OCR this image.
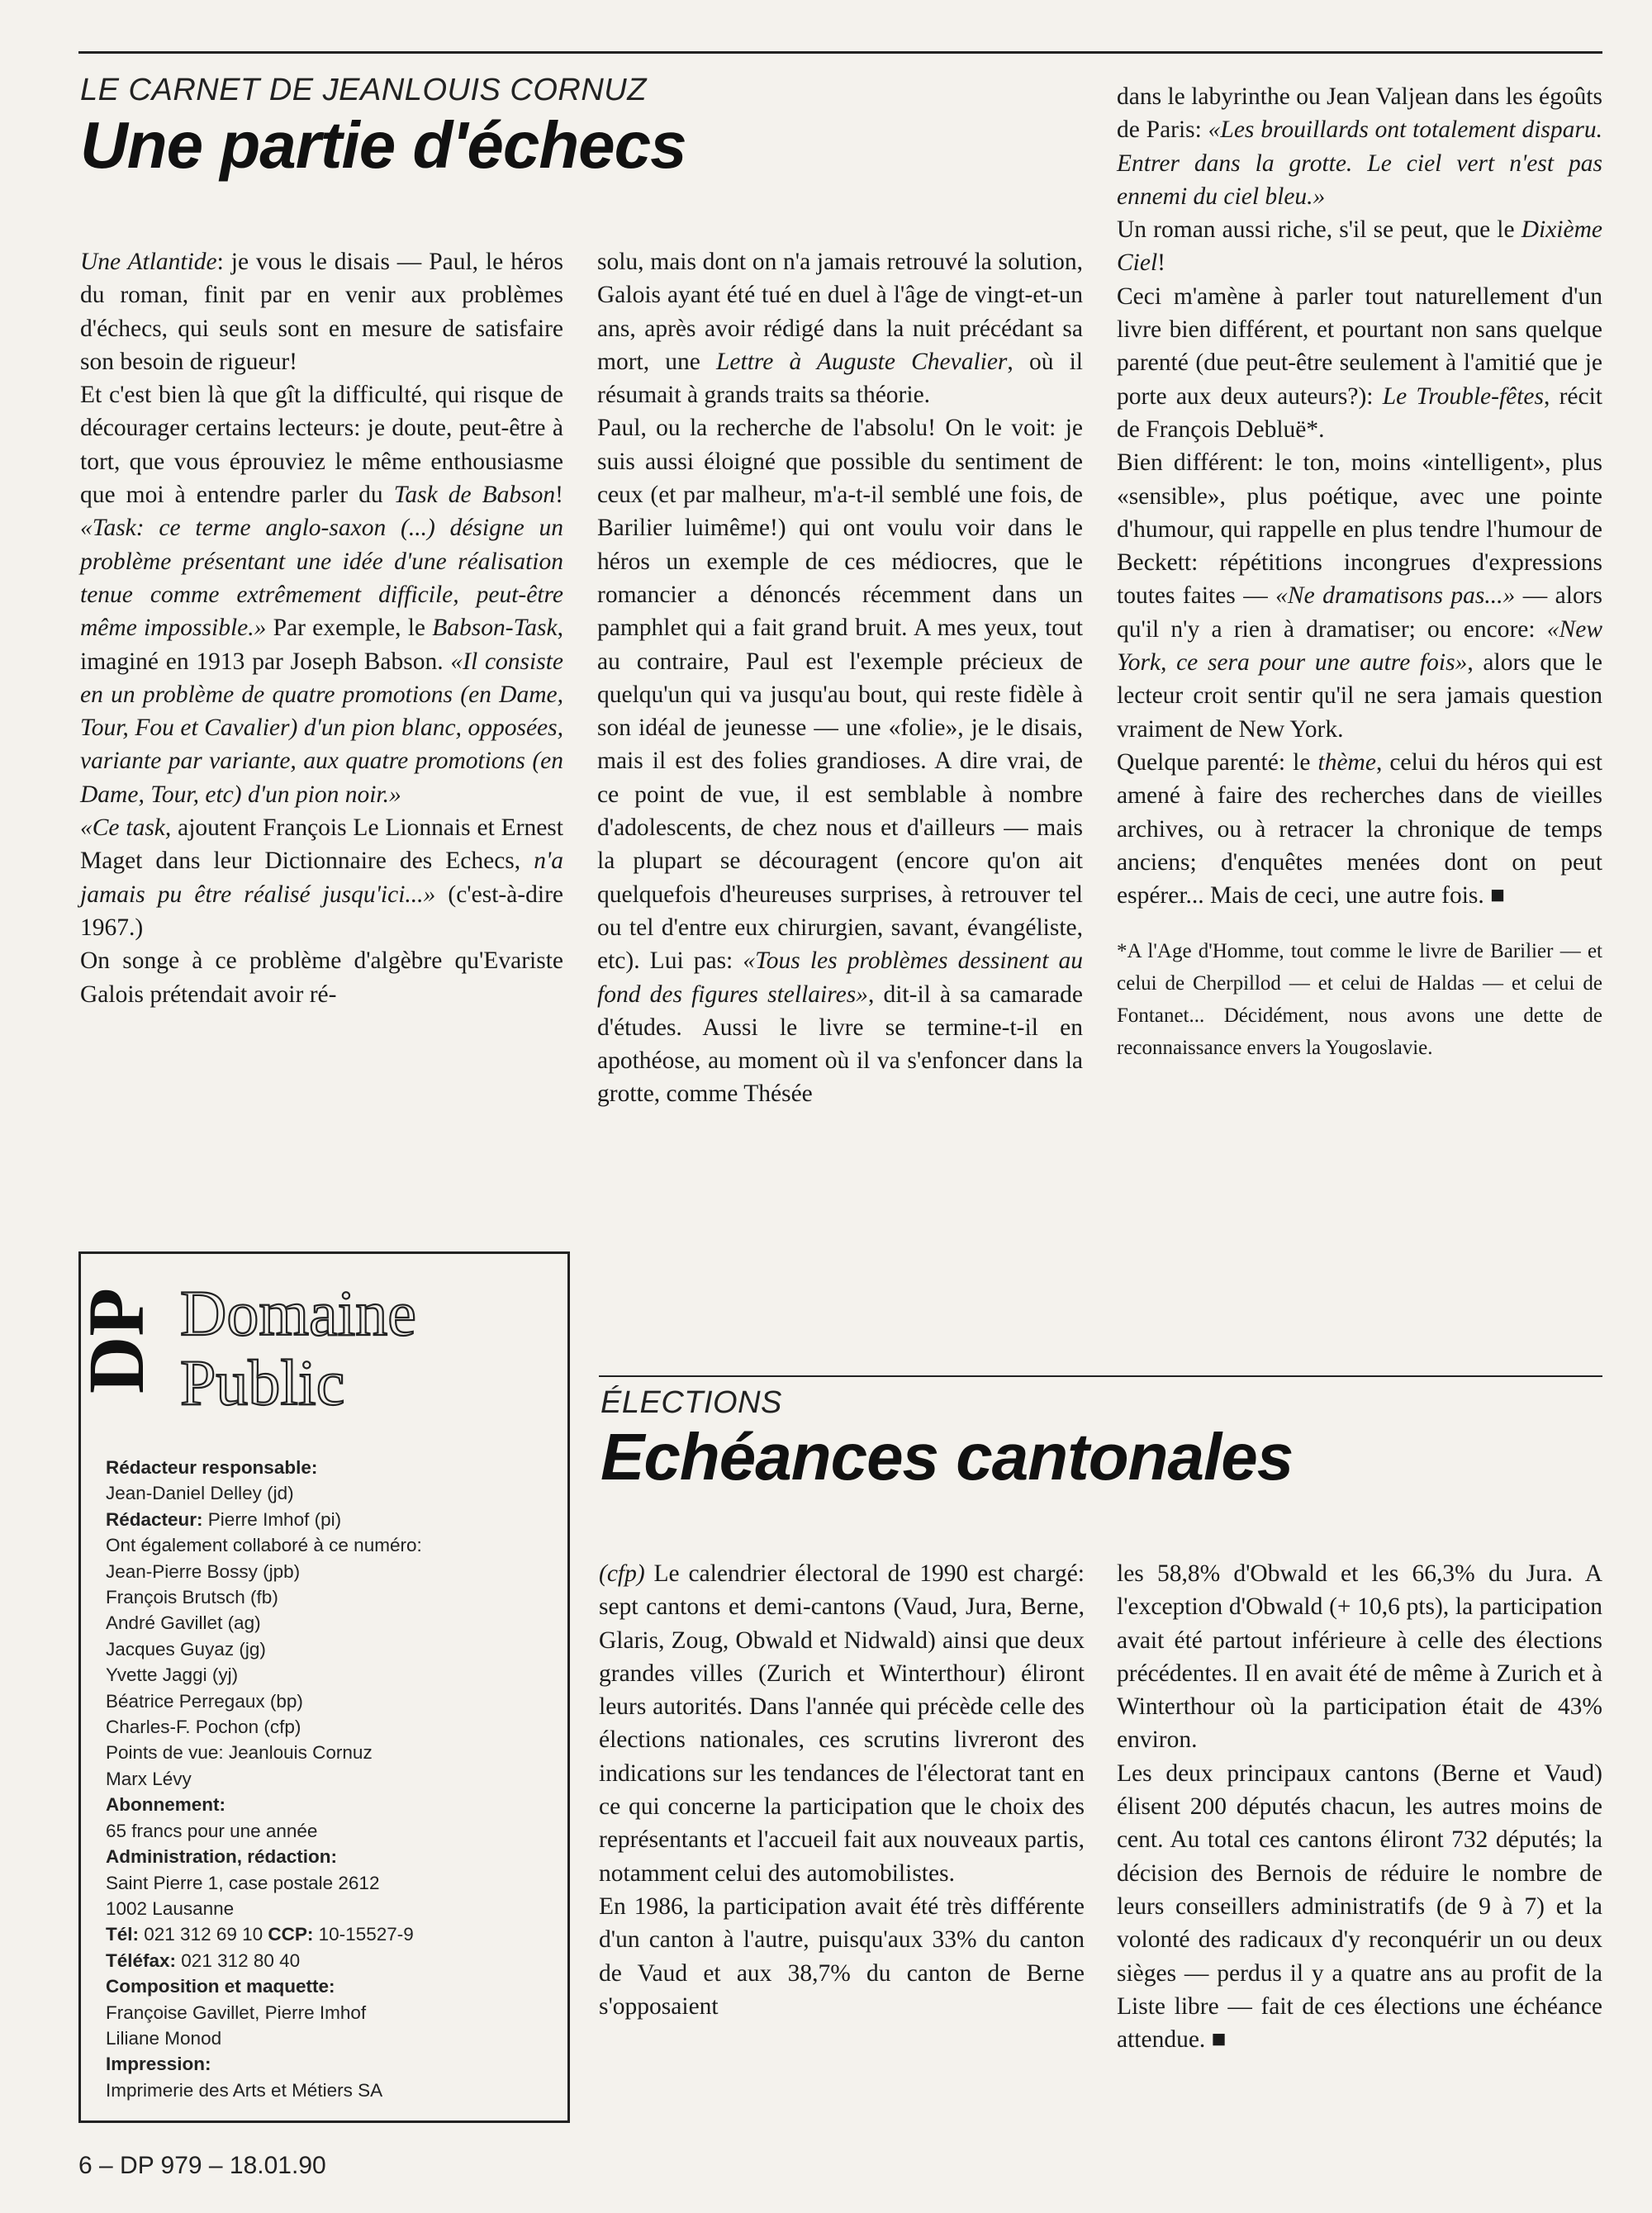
LE CARNET DE JEANLOUIS CORNUZ
Une partie d'échecs

Une Atlantide: je vous le disais — Paul, le héros du roman, finit par en venir aux problèmes d'échecs, qui seuls sont en mesure de satisfaire son besoin de rigueur!

Et c'est bien là que gît la difficulté, qui risque de décourager certains lecteurs: je doute, peut-être à tort, que vous éprouviez le même enthousiasme que moi à entendre parler du Task de Babson! «Task: ce terme anglo-saxon (...) désigne un problème présentant une idée d'une réalisation tenue comme extrêmement difficile, peut-être même impossible.» Par exemple, le Babson-Task, imaginé en 1913 par Joseph Babson. «Il consiste en un problème de quatre promotions (en Dame, Tour, Fou et Cavalier) d'un pion blanc, opposées, variante par variante, aux quatre promotions (en Dame, Tour, etc) d'un pion noir.»

«Ce task, ajoutent François Le Lionnais et Ernest Maget dans leur Dictionnaire des Echecs, n'a jamais pu être réalisé jusqu'ici...» (c'est-à-dire 1967.)

On songe à ce problème d'algèbre qu'Evariste Galois prétendait avoir ré-

solu, mais dont on n'a jamais retrouvé la solution, Galois ayant été tué en duel à l'âge de vingt-et-un ans, après avoir rédigé dans la nuit précédant sa mort, une Lettre à Auguste Chevalier, où il résumait à grands traits sa théorie.

Paul, ou la recherche de l'absolu! On le voit: je suis aussi éloigné que possible du sentiment de ceux (et par malheur, m'a-t-il semblé une fois, de Barilier luimême!) qui ont voulu voir dans le héros un exemple de ces médiocres, que le romancier a dénoncés récemment dans un pamphlet qui a fait grand bruit. A mes yeux, tout au contraire, Paul est l'exemple précieux de quelqu'un qui va jusqu'au bout, qui reste fidèle à son idéal de jeunesse — une «folie», je le disais, mais il est des folies grandioses. A dire vrai, de ce point de vue, il est semblable à nombre d'adolescents, de chez nous et d'ailleurs — mais la plupart se découragent (encore qu'on ait quelquefois d'heureuses surprises, à retrouver tel ou tel d'entre eux chirurgien, savant, évangéliste, etc). Lui pas: «Tous les problèmes dessinent au fond des figures stellaires», dit-il à sa camarade d'études. Aussi le livre se termine-t-il en apothéose, au moment où il va s'enfoncer dans la grotte, comme Thésée

dans le labyrinthe ou Jean Valjean dans les égoûts de Paris: «Les brouillards ont totalement disparu. Entrer dans la grotte. Le ciel vert n'est pas ennemi du ciel bleu.»

Un roman aussi riche, s'il se peut, que le Dixième Ciel!

Ceci m'amène à parler tout naturellement d'un livre bien différent, et pourtant non sans quelque parenté (due peut-être seulement à l'amitié que je porte aux deux auteurs?): Le Trouble-fêtes, récit de François Debluë*.

Bien différent: le ton, moins «intelligent», plus «sensible», plus poétique, avec une pointe d'humour, qui rappelle en plus tendre l'humour de Beckett: répétitions incongrues d'expressions toutes faites — «Ne dramatisons pas...» — alors qu'il n'y a rien à dramatiser; ou encore: «New York, ce sera pour une autre fois», alors que le lecteur croit sentir qu'il ne sera jamais question vraiment de New York.

Quelque parenté: le thème, celui du héros qui est amené à faire des recherches dans de vieilles archives, ou à retracer la chronique de temps anciens; d'enquêtes menées dont on peut espérer... Mais de ceci, une autre fois. ■

*A l'Age d'Homme, tout comme le livre de Barilier — et celui de Cherpillod — et celui de Haldas — et celui de Fontanet... Décidément, nous avons une dette de reconnaissance envers la Yougoslavie.

DP Domaine
Public
Rédacteur responsable:
Jean-Daniel Delley (jd)
Rédacteur: Pierre Imhof (pi)
Ont également collaboré à ce numéro:
Jean-Pierre Bossy (jpb)
François Brutsch (fb)
André Gavillet (ag)
Jacques Guyaz (jg)
Yvette Jaggi (yj)
Béatrice Perregaux (bp)
Charles-F. Pochon (cfp)
Points de vue: Jeanlouis Cornuz
Marx Lévy
Abonnement:
65 francs pour une année
Administration, rédaction:
Saint Pierre 1, case postale 2612
1002 Lausanne
Tél: 021 312 69 10 CCP: 10-15527-9
Téléfax: 021 312 80 40
Composition et maquette:
Françoise Gavillet, Pierre Imhof
Liliane Monod
Impression:
Imprimerie des Arts et Métiers SA
ÉLECTIONS
Echéances cantonales

(cfp) Le calendrier électoral de 1990 est chargé: sept cantons et demi-cantons (Vaud, Jura, Berne, Glaris, Zoug, Obwald et Nidwald) ainsi que deux grandes villes (Zurich et Winterthour) éliront leurs autorités. Dans l'année qui précède celle des élections nationales, ces scrutins livreront des indications sur les tendances de l'électorat tant en ce qui concerne la participation que le choix des représentants et l'accueil fait aux nouveaux partis, notamment celui des automobilistes.

En 1986, la participation avait été très différente d'un canton à l'autre, puisqu'aux 33% du canton de Vaud et aux 38,7% du canton de Berne s'opposaient

les 58,8% d'Obwald et les 66,3% du Jura. A l'exception d'Obwald (+ 10,6 pts), la participation avait été partout inférieure à celle des élections précédentes. Il en avait été de même à Zurich et à Winterthour où la participation était de 43% environ.

Les deux principaux cantons (Berne et Vaud) élisent 200 députés chacun, les autres moins de cent. Au total ces cantons éliront 732 députés; la décision des Bernois de réduire le nombre de leurs conseillers administratifs (de 9 à 7) et la volonté des radicaux d'y reconquérir un ou deux sièges — perdus il y a quatre ans au profit de la Liste libre — fait de ces élections une échéance attendue. ■

6 – DP 979 – 18.01.90
